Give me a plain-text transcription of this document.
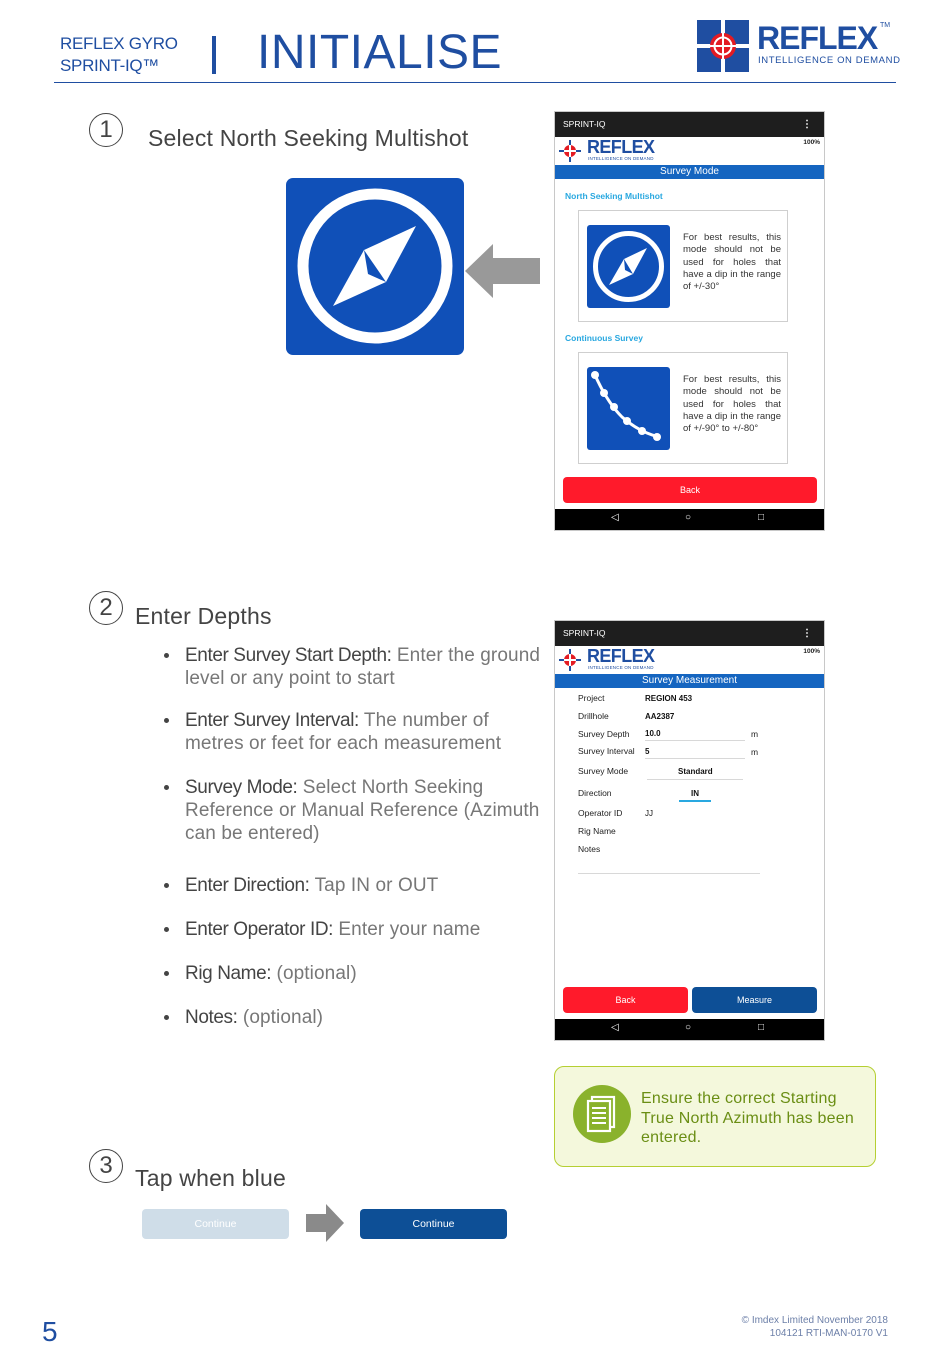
REFLEX GYRO
SPRINT-IQ™	INITIALISE	REFLEX TM
INTELLIGENCE ON DEMAND
1	Select North Seeking Multishot
SPRINT-IQ	⋮
REFLEX
INTELLIGENCE ON DEMAND
100%
Survey Mode
North Seeking Multishot
For best results, this mode should not be used for holes that have a dip in the range of +/-30°
Continuous Survey
For best results, this mode should not be used for holes that have a dip in the range of +/-90° to +/-80°
Back
◁	○	□
2 Enter Depths
Enter Survey Start Depth: Enter the ground level or any point to start
Enter Survey Interval: The number of metres or feet for each measurement
Survey Mode: Select North Seeking Reference or Manual Reference (Azimuth can be entered)
Enter Direction: Tap IN or OUT
Enter Operator ID: Enter your name
Rig Name: (optional)
Notes: (optional)
SPRINT-IQ	⋮
REFLEX
INTELLIGENCE ON DEMAND
100%
Survey Measurement
Project	REGION 453
Drillhole	AA2387
Survey Depth 10.0	m
Survey Interval 5	m
Survey Mode	Standard
Direction	IN
Operator ID	JJ
Rig Name
Notes
Back	Measure
◁	○	□
Ensure the correct Starting True North Azimuth has been entered.
3 Tap when blue
Continue	Continue
5	© Imdex Limited November 2018
104121 RTI-MAN-0170 V1
